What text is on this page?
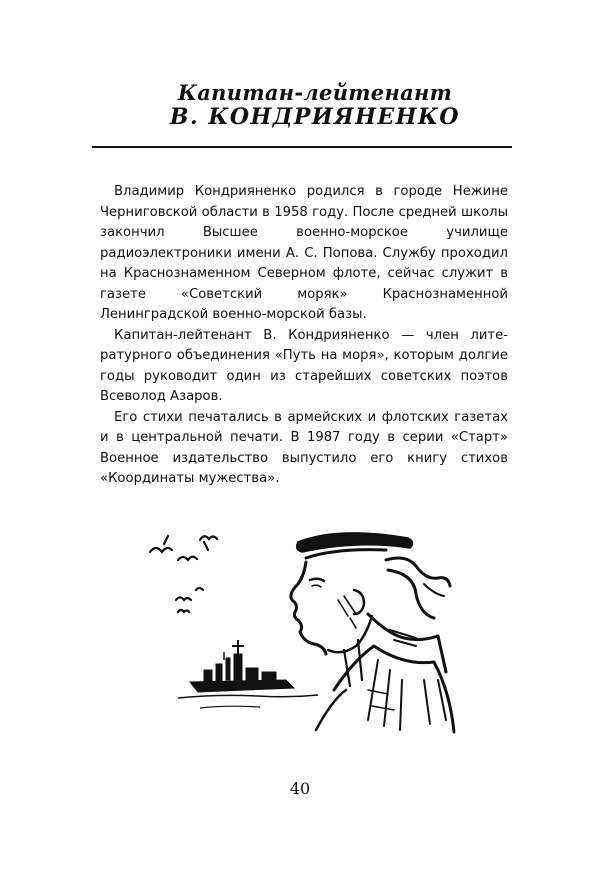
Капитан-лейтенант
В. КОНДРИЯНЕНКО

Владимир Кондрияненко родился в городе Нежине Черниговской области в 1958 году. После средней школы закончил Высшее военно-морское училище радиоэлектроники имени А. С. Попова. Службу проходил на Краснознаменном Северном флоте, сейчас служит в газете «Советский моряк» Краснознаменной Ленинградской военно-морской базы.

Капитан-лейтенант В. Кондрияненко — член литературного объединения «Путь на моря», которым долгие годы руководит один из старейших советских поэтов Всеволод Азаров.

Его стихи печатались в армейских и флотских газетах и в центральной печати. В 1987 году в серии «Старт» Военное издательство выпустило его книгу стихов «Координаты мужества».

40
